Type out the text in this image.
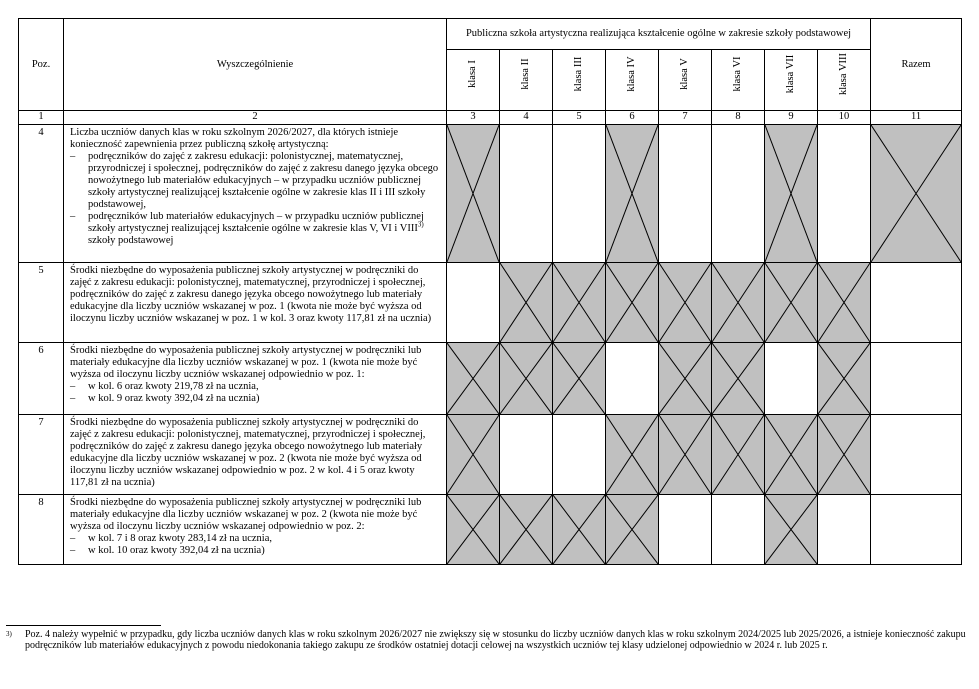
Poz.	Wyszczególnienie	Publiczna szkoła artystyczna realizująca kształcenie ogólne w zakresie szkoły podstawowej								Razem

		klasa I	klasa II	klasa III	klasa IV	klasa V	klasa VI	klasa VII	klasa VIII	

1	2	3	4	5	6	7	8	9	10	11
4	Liczba uczniów danych klas w roku szkolnym 2026/2027, dla których istnieje konieczność zapewnienia przez publiczną szkołę artystyczną:
– podręczników do zajęć z zakresu edukacji: polonistycznej, matematycznej, przyrodniczej i społecznej, podręczników do zajęć z zakresu danego języka obcego nowożytnego lub materiałów edukacyjnych – w przypadku uczniów publicznej szkoły artystycznej realizującej kształcenie ogólne w zakresie klas II i III szkoły podstawowej,
– podręczników lub materiałów edukacyjnych – w przypadku uczniów publicznej szkoły artystycznej realizującej kształcenie ogólne w zakresie klas V, VI i VIII$^{3)}$ szkoły podstawowej

5	Środki niezbędne do wyposażenia publicznej szkoły artystycznej w podręczniki do zajęć z zakresu edukacji: polonistycznej, matematycznej, przyrodniczej i społecznej, podręczników do zajęć z zakresu danego języka obcego nowożytnego lub materiały edukacyjne dla liczby uczniów wskazanej w poz. 1 (kwota nie może być wyższa od iloczynu liczby uczniów wskazanej w poz. 1 w kol. 3 oraz kwoty 117,81 zł na ucznia)

6	Środki niezbędne do wyposażenia publicznej szkoły artystycznej w podręczniki lub materiały edukacyjne dla liczby uczniów wskazanej w poz. 1 (kwota nie może być wyższa od iloczynu liczby uczniów wskazanej odpowiednio w poz. 1:
– w kol. 6 oraz kwoty 219,78 zł na ucznia,
– w kol. 9 oraz kwoty 392,04 zł na ucznia)

7	Środki niezbędne do wyposażenia publicznej szkoły artystycznej w podręczniki do zajęć z zakresu edukacji: polonistycznej, matematycznej, przyrodniczej i społecznej, podręczników do zajęć z zakresu danego języka obcego nowożytnego lub materiały edukacyjne dla liczby uczniów wskazanej w poz. 2 (kwota nie może być wyższa od iloczynu liczby uczniów wskazanej odpowiednio w poz. 2 w kol. 4 i 5 oraz kwoty 117,81 zł na ucznia)

8	Środki niezbędne do wyposażenia publicznej szkoły artystycznej w podręczniki lub materiały edukacyjne dla liczby uczniów wskazanej w poz. 2 (kwota nie może być wyższa od iloczynu liczby uczniów wskazanej odpowiednio w poz. 2:
– w kol. 7 i 8 oraz kwoty 283,14 zł na ucznia,
– w kol. 10 oraz kwoty 392,04 zł na ucznia)

3) Poz. 4 należy wypełnić w przypadku, gdy liczba uczniów danych klas w roku szkolnym 2026/2027 nie zwiększy się w stosunku do liczby uczniów danych klas w roku szkolnym 2024/2025 lub 2025/2026, a istnieje konieczność zakupu podręczników lub materiałów edukacyjnych z powodu niedokonania takiego zakupu ze środków ostatniej dotacji celowej na wszystkich uczniów tej klasy udzielonej odpowiednio w 2024 r. lub 2025 r.
